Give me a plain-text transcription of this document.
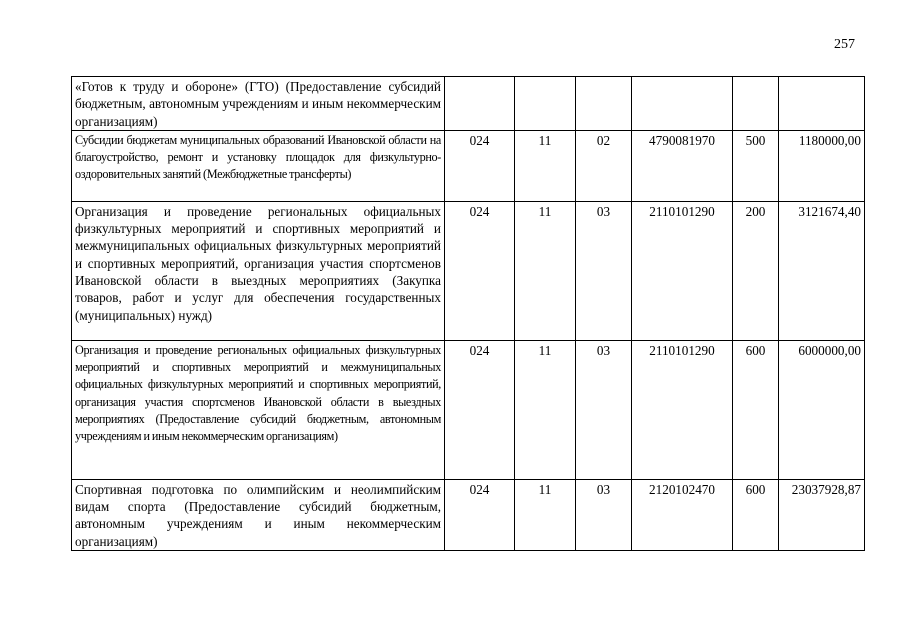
257
«Готов к труду и обороне» (ГТО) (Предоставление субсидий бюджетным, автономным учреждениям и иным некоммерческим организациям)						
Субсидии бюджетам муниципальных образований Ивановской области на благоустройство, ремонт и установку площадок для физкультурно-оздоровительных занятий (Межбюджетные трансферты)	024	11	02	4790081970	500	1180000,00
Организация и проведение региональных официальных физкультурных мероприятий и спортивных мероприятий и межмуниципальных официальных физкультурных мероприятий и спортивных мероприятий, организация участия спортсменов Ивановской области в выездных мероприятиях (Закупка товаров, работ и услуг для обеспечения государственных (муниципальных) нужд)	024	11	03	2110101290	200	3121674,40
Организация и проведение региональных официальных физкультурных мероприятий и спортивных мероприятий и межмуниципальных официальных физкультурных мероприятий и спортивных мероприятий, организация участия спортсменов Ивановской области в выездных мероприятиях (Предоставление субсидий бюджетным, автономным учреждениям и иным некоммерческим организациям)	024	11	03	2110101290	600	6000000,00
Спортивная подготовка по олимпийским и неолимпийским видам спорта (Предоставление субсидий бюджетным, автономным учреждениям и иным некоммерческим организациям)	024	11	03	2120102470	600	23037928,87
